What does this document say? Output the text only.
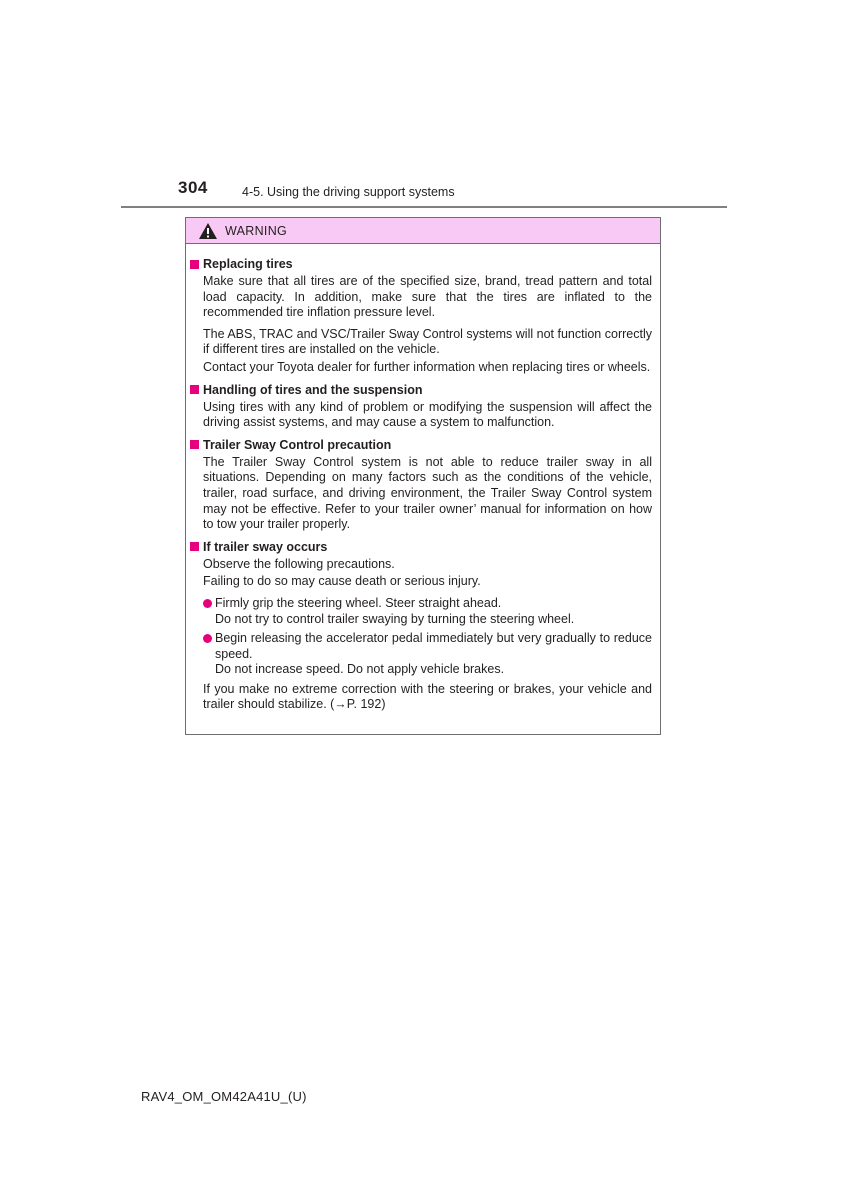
304	4-5. Using the driving support systems
WARNING
Replacing tires

Make sure that all tires are of the specified size, brand, tread pattern and total load capacity. In addition, make sure that the tires are inflated to the recommended tire inflation pressure level.

The ABS, TRAC and VSC/Trailer Sway Control systems will not function correctly if different tires are installed on the vehicle.

Contact your Toyota dealer for further information when replacing tires or wheels.

Handling of tires and the suspension

Using tires with any kind of problem or modifying the suspension will affect the driving assist systems, and may cause a system to malfunction.

Trailer Sway Control precaution

The Trailer Sway Control system is not able to reduce trailer sway in all situations. Depending on many factors such as the conditions of the vehicle, trailer, road surface, and driving environment, the Trailer Sway Control system may not be effective. Refer to your trailer owner’ manual for information on how to tow your trailer properly.

If trailer sway occurs

Observe the following precautions.

Failing to do so may cause death or serious injury.

Firmly grip the steering wheel. Steer straight ahead.
Do not try to control trailer swaying by turning the steering wheel.
Begin releasing the accelerator pedal immediately but very gradually to reduce speed.
Do not increase speed. Do not apply vehicle brakes.

If you make no extreme correction with the steering or brakes, your vehicle and trailer should stabilize. (→P. 192)

RAV4_OM_OM42A41U_(U)
